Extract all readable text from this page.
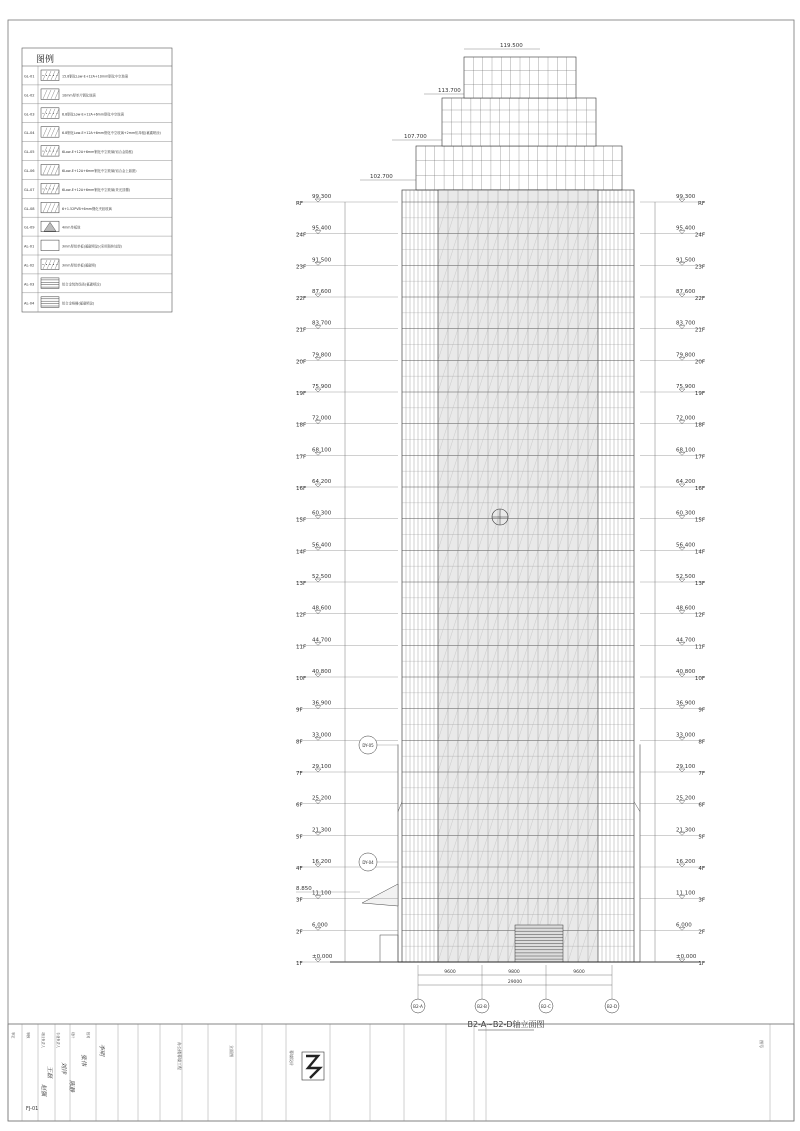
图例
GL-01	15.8钢化Low-E+12A+10mm钢化中空玻璃
GL-02	10mm厚单片钢化玻璃
GL-03	6.8钢化Low-E+12A+6mm钢化中空玻璃
GL-04	6.8钢化Low-E+12A+6mm钢化中空玻璃+2mm铝单板(氟碳喷涂)
GL-05	6Low-E+12A+6mm钢化中空玻璃(铝合金隐框)
GL-06	6Low-E+12A+6mm钢化中空玻璃(铝合金上悬窗)
GL-07	6Low-E+12A+6mm钢化中空玻璃(采光顶棚)
GL-08	6+1.52PVB+6mm钢化夹胶玻璃
GL-09	4mm单板玻
AL-01	3mm厚铝单板(氟碳喷涂)(采用隔热处理)
AL-02	3mm厚铝单板(氟碳喷)
AL-03	铝合金装饰线条(氟碳喷涂)
AL-04	铝合金格栅(氟碳喷涂)
1F
±0.000
2F
6.000
3F
11.100
4F
16.200
5F
21.300
6F
25.200
7F
29.100
8F
33.000
9F
36.900
10F
40.800
11F
44.700
12F
48.600
13F
52.500
14F
56.400
15F
60.300
16F
64.200
17F
68.100
18F
72.000
19F
75.900
20F
79.800
21F
83.700
22F
87.600
23F
91.500
24F
95.400
RF
99.300
8.850
1F
±0.000
2F
6.000
3F
11.100
4F
16.200
5F
21.300
6F
25.200
7F
29.100
8F
33.000
9F
36.900
10F
40.800
11F
44.700
12F
48.600
13F
52.500
14F
56.400
15F
60.300
16F
64.200
17F
68.100
18F
72.000
19F
75.900
20F
79.800
21F
83.700
22F
87.600
23F
91.500
24F
95.400
RF
99.300
119.500
113.700
107.700
102.700
DY-05
DY-04
9600	9800	9600
29000
B2-A	B2-B	B2-C	B2-D
B2-A~B2-D轴立面图
审定	审核	项目负责人	专业负责人	设计	校对
李明
张伟
刘洋
陈静
王磊
赵强
幕墙设计
办公楼幕墙工程	立面图
图号
FJ-01
